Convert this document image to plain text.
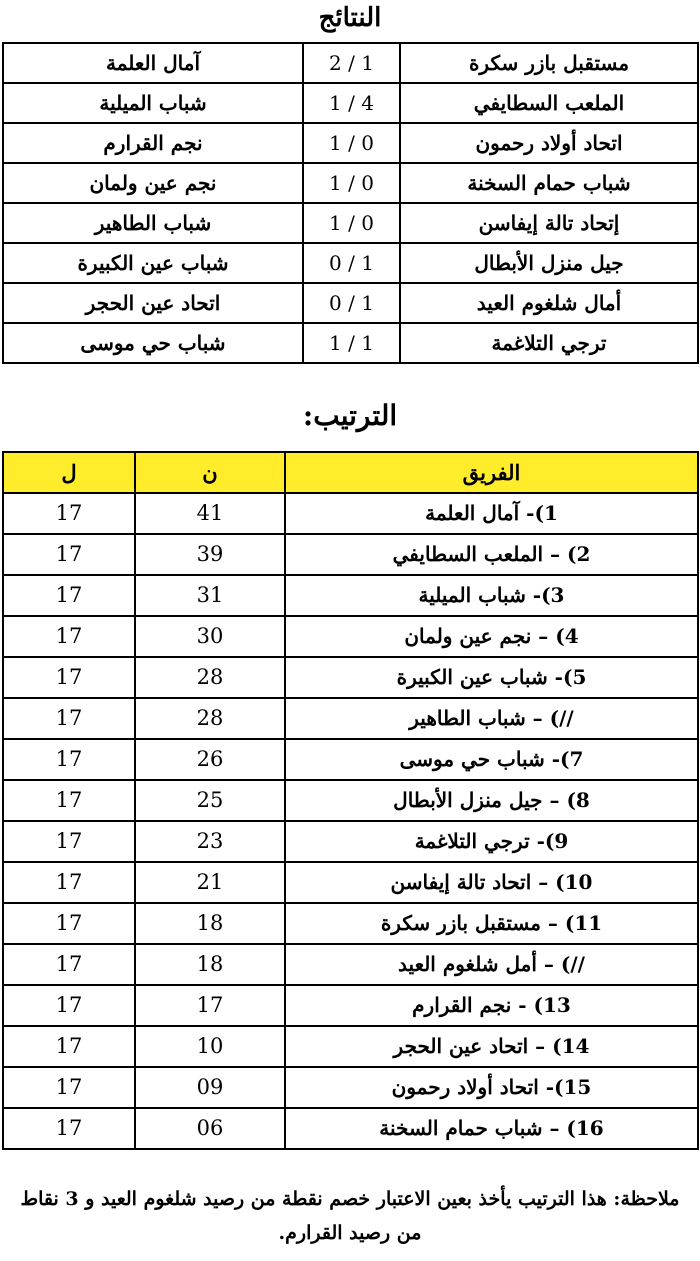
النتائج
آمال العلمة	2 / 1	مستقبل بازر سكرة
شباب الميلية	1 / 4	الملعب السطايفي
نجم القرارم	1 / 0	اتحاد أولاد رحمون
نجم عين ولمان	1 / 0	شباب حمام السخنة
شباب الطاهير	1 / 0	إتحاد تالة إيفاسن
شباب عين الكبيرة	0 / 1	جيل منزل الأبطال
اتحاد عين الحجر	0 / 1	أمال شلغوم العيد
شباب حي موسى	1 / 1	ترجي التلاغمة
الترتيب:
ل	ن	الفريق
17	41	1)- آمال العلمة
17	39	2) – الملعب السطايفي
17	31	3)- شباب الميلية
17	30	4) – نجم عين ولمان
17	28	5)- شباب عين الكبيرة
17	28	//) – شباب الطاهير
17	26	7)- شباب حي موسى
17	25	8) – جيل منزل الأبطال
17	23	9)- ترجي التلاغمة
17	21	10) – اتحاد تالة إيفاسن
17	18	11) – مستقبل بازر سكرة
17	18	//) – أمل شلغوم العيد
17	17	13) - نجم القرارم
17	10	14) – اتحاد عين الحجر
17	09	15)- اتحاد أولاد رحمون
17	06	16) – شباب حمام السخنة
ملاحظة: هذا الترتيب يأخذ بعين الاعتبار خصم نقطة من رصيد شلغوم العيد و 3 نقاط من رصيد القرارم.
